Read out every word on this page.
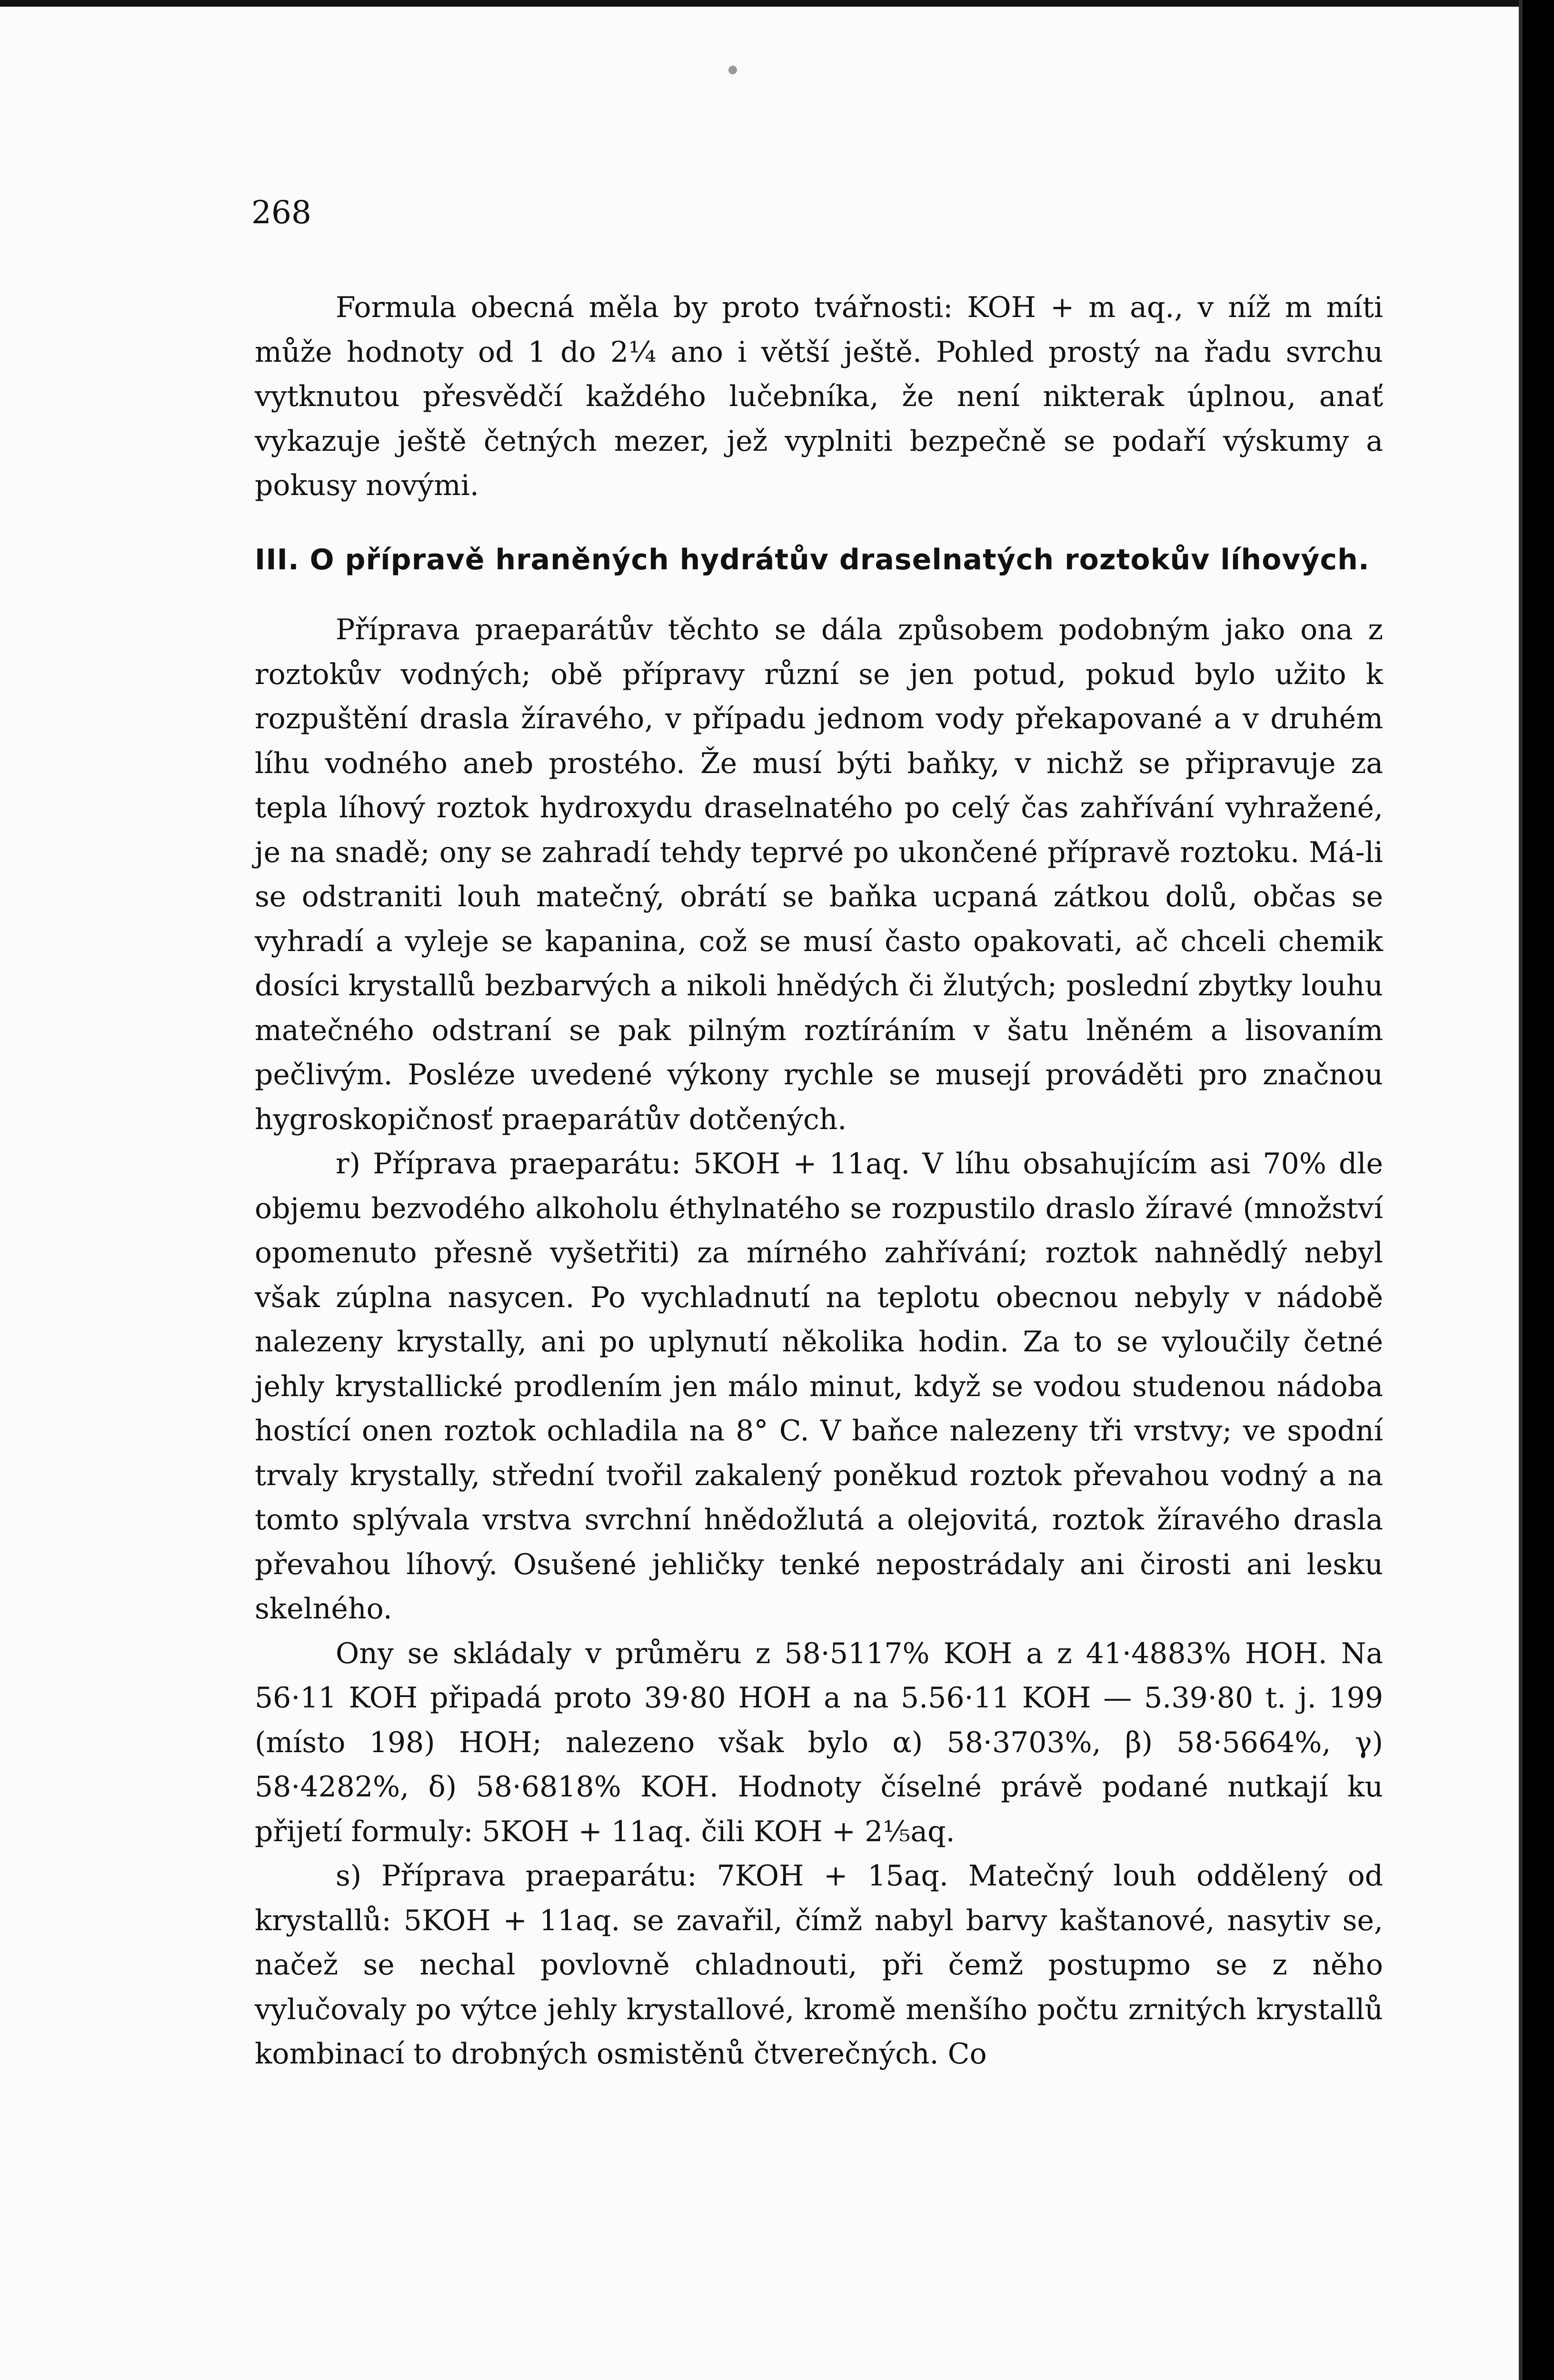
268

Formula obecná měla by proto tvářnosti: KOH + m aq., v níž m míti může hodnoty od 1 do 2¼ ano i větší ještě. Pohled prostý na řadu svrchu vytknutou přesvědčí každého lučebníka, že není nikterak úplnou, anať vykazuje ještě četných mezer, jež vyplniti bezpečně se podaří výskumy a pokusy novými.

III. O přípravě hraněných hydrátův draselnatých roztokův líhových.

Příprava praeparátův těchto se dála způsobem podobným jako ona z roztokův vodných; obě přípravy různí se jen potud, pokud bylo užito k rozpuštění drasla žíravého, v případu jednom vody překapované a v druhém líhu vodného aneb prostého. Že musí býti baňky, v nichž se připravuje za tepla líhový roztok hydroxydu draselnatého po celý čas zahřívání vyhražené, je na snadě; ony se zahradí tehdy teprvé po ukončené přípravě roztoku. Má-li se odstraniti louh matečný, obrátí se baňka ucpaná zátkou dolů, občas se vyhradí a vyleje se kapanina, což se musí často opakovati, ač chceli chemik dosíci krystallů bezbarvých a nikoli hnědých či žlutých; poslední zbytky louhu matečného odstraní se pak pilným roztíráním v šatu lněném a lisovaním pečlivým. Posléze uvedené výkony rychle se musejí prováděti pro značnou hygroskopičnosť praeparátův dotčených.

r) Příprava praeparátu: 5KOH + 11aq. V líhu obsahujícím asi 70% dle objemu bezvodého alkoholu éthylnatého se rozpustilo draslo žíravé (množství opomenuto přesně vyšetřiti) za mírného zahřívání; roztok nahnědlý nebyl však zúplna nasycen. Po vychladnutí na teplotu obecnou nebyly v nádobě nalezeny krystally, ani po uplynutí několika hodin. Za to se vyloučily četné jehly krystallické prodlením jen málo minut, když se vodou studenou nádoba hostící onen roztok ochladila na 8° C. V baňce nalezeny tři vrstvy; ve spodní trvaly krystally, střední tvořil zakalený poněkud roztok převahou vodný a na tomto splývala vrstva svrchní hnědožlutá a olejovitá, roztok žíravého drasla převahou líhový. Osušené jehličky tenké nepostrádaly ani čirosti ani lesku skelného.

Ony se skládaly v průměru z 58·5117% KOH a z 41·4883% HOH. Na 56·11 KOH připadá proto 39·80 HOH a na 5.56·11 KOH — 5.39·80 t. j. 199 (místo 198) HOH; nalezeno však bylo α) 58·3703%, β) 58·5664%, γ) 58·4282%, δ) 58·6818% KOH. Hodnoty číselné právě podané nutkají ku přijetí formuly: 5KOH + 11aq. čili KOH + 2⅕aq.

s) Příprava praeparátu: 7KOH + 15aq. Matečný louh oddělený od krystallů: 5KOH + 11aq. se zavařil, čímž nabyl barvy kaštanové, nasytiv se, načež se nechal povlovně chladnouti, při čemž postupmo se z něho vylučovaly po výtce jehly krystallové, kromě menšího počtu zrnitých krystallů kombinací to drobných osmistěnů čtverečných. Co
